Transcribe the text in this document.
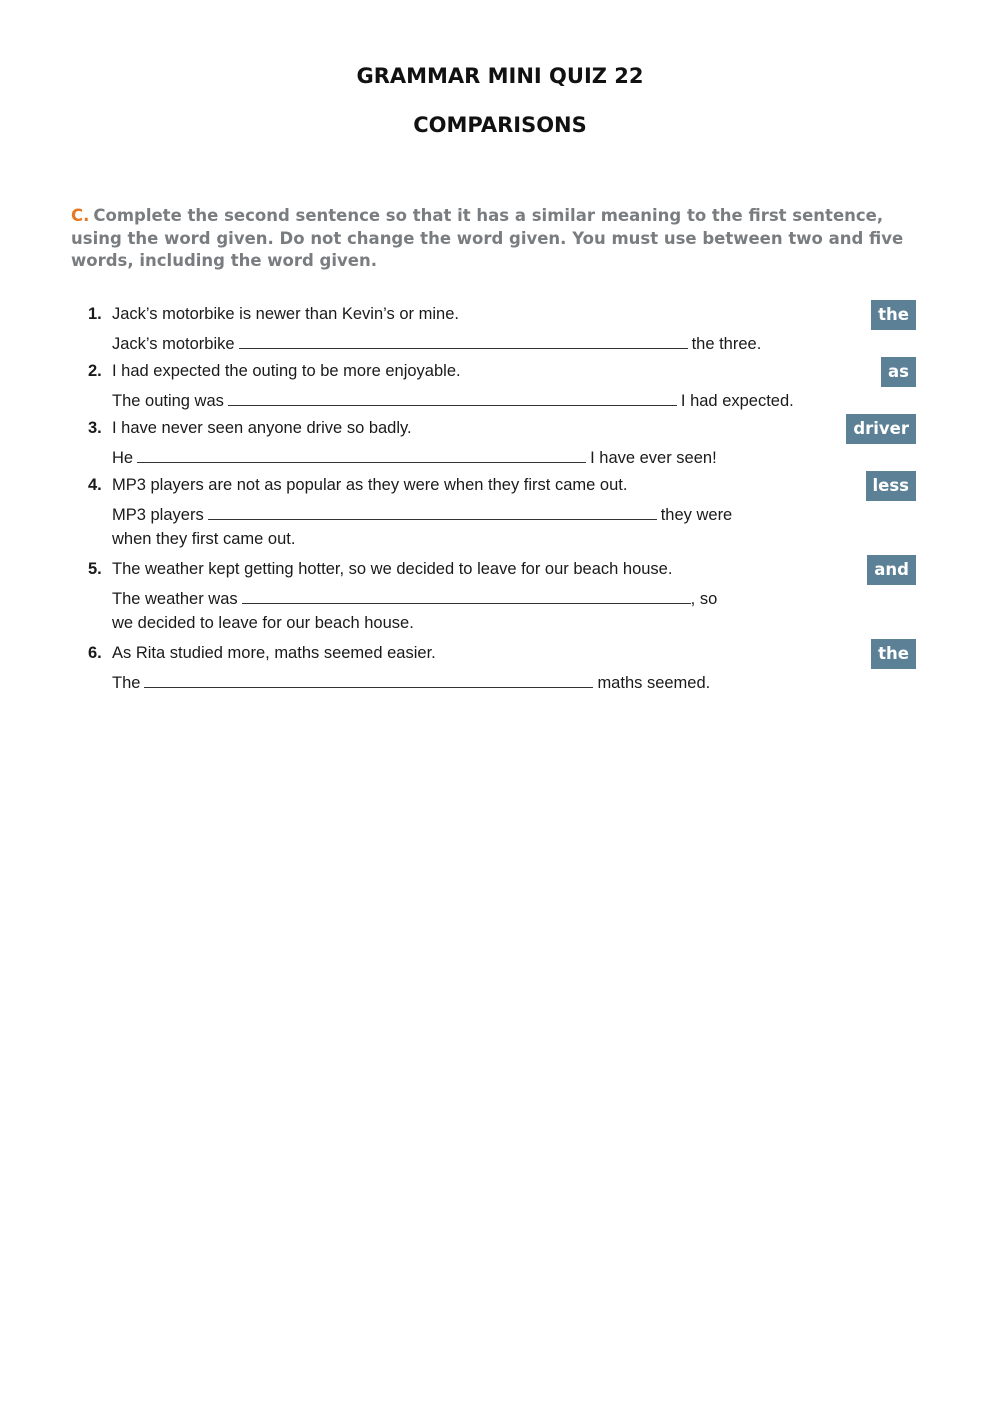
GRAMMAR MINI QUIZ 22
COMPARISONS
C. Complete the second sentence so that it has a similar meaning to the first sentence, using the word given. Do not change the word given. You must use between two and five words, including the word given.
1. Jack’s motorbike is newer than Kevin’s or mine.	the
Jack’s motorbike	the three.
2. I had expected the outing to be more enjoyable.	as
The outing was	I had expected.
3. I have never seen anyone drive so badly.	driver
He	I have ever seen!
4. MP3 players are not as popular as they were when they first came out.	less
MP3 players	they were
when they first came out.
5. The weather kept getting hotter, so we decided to leave for our beach house.	and
The weather was	, so
we decided to leave for our beach house.
6. As Rita studied more, maths seemed easier.	the
The	maths seemed.
